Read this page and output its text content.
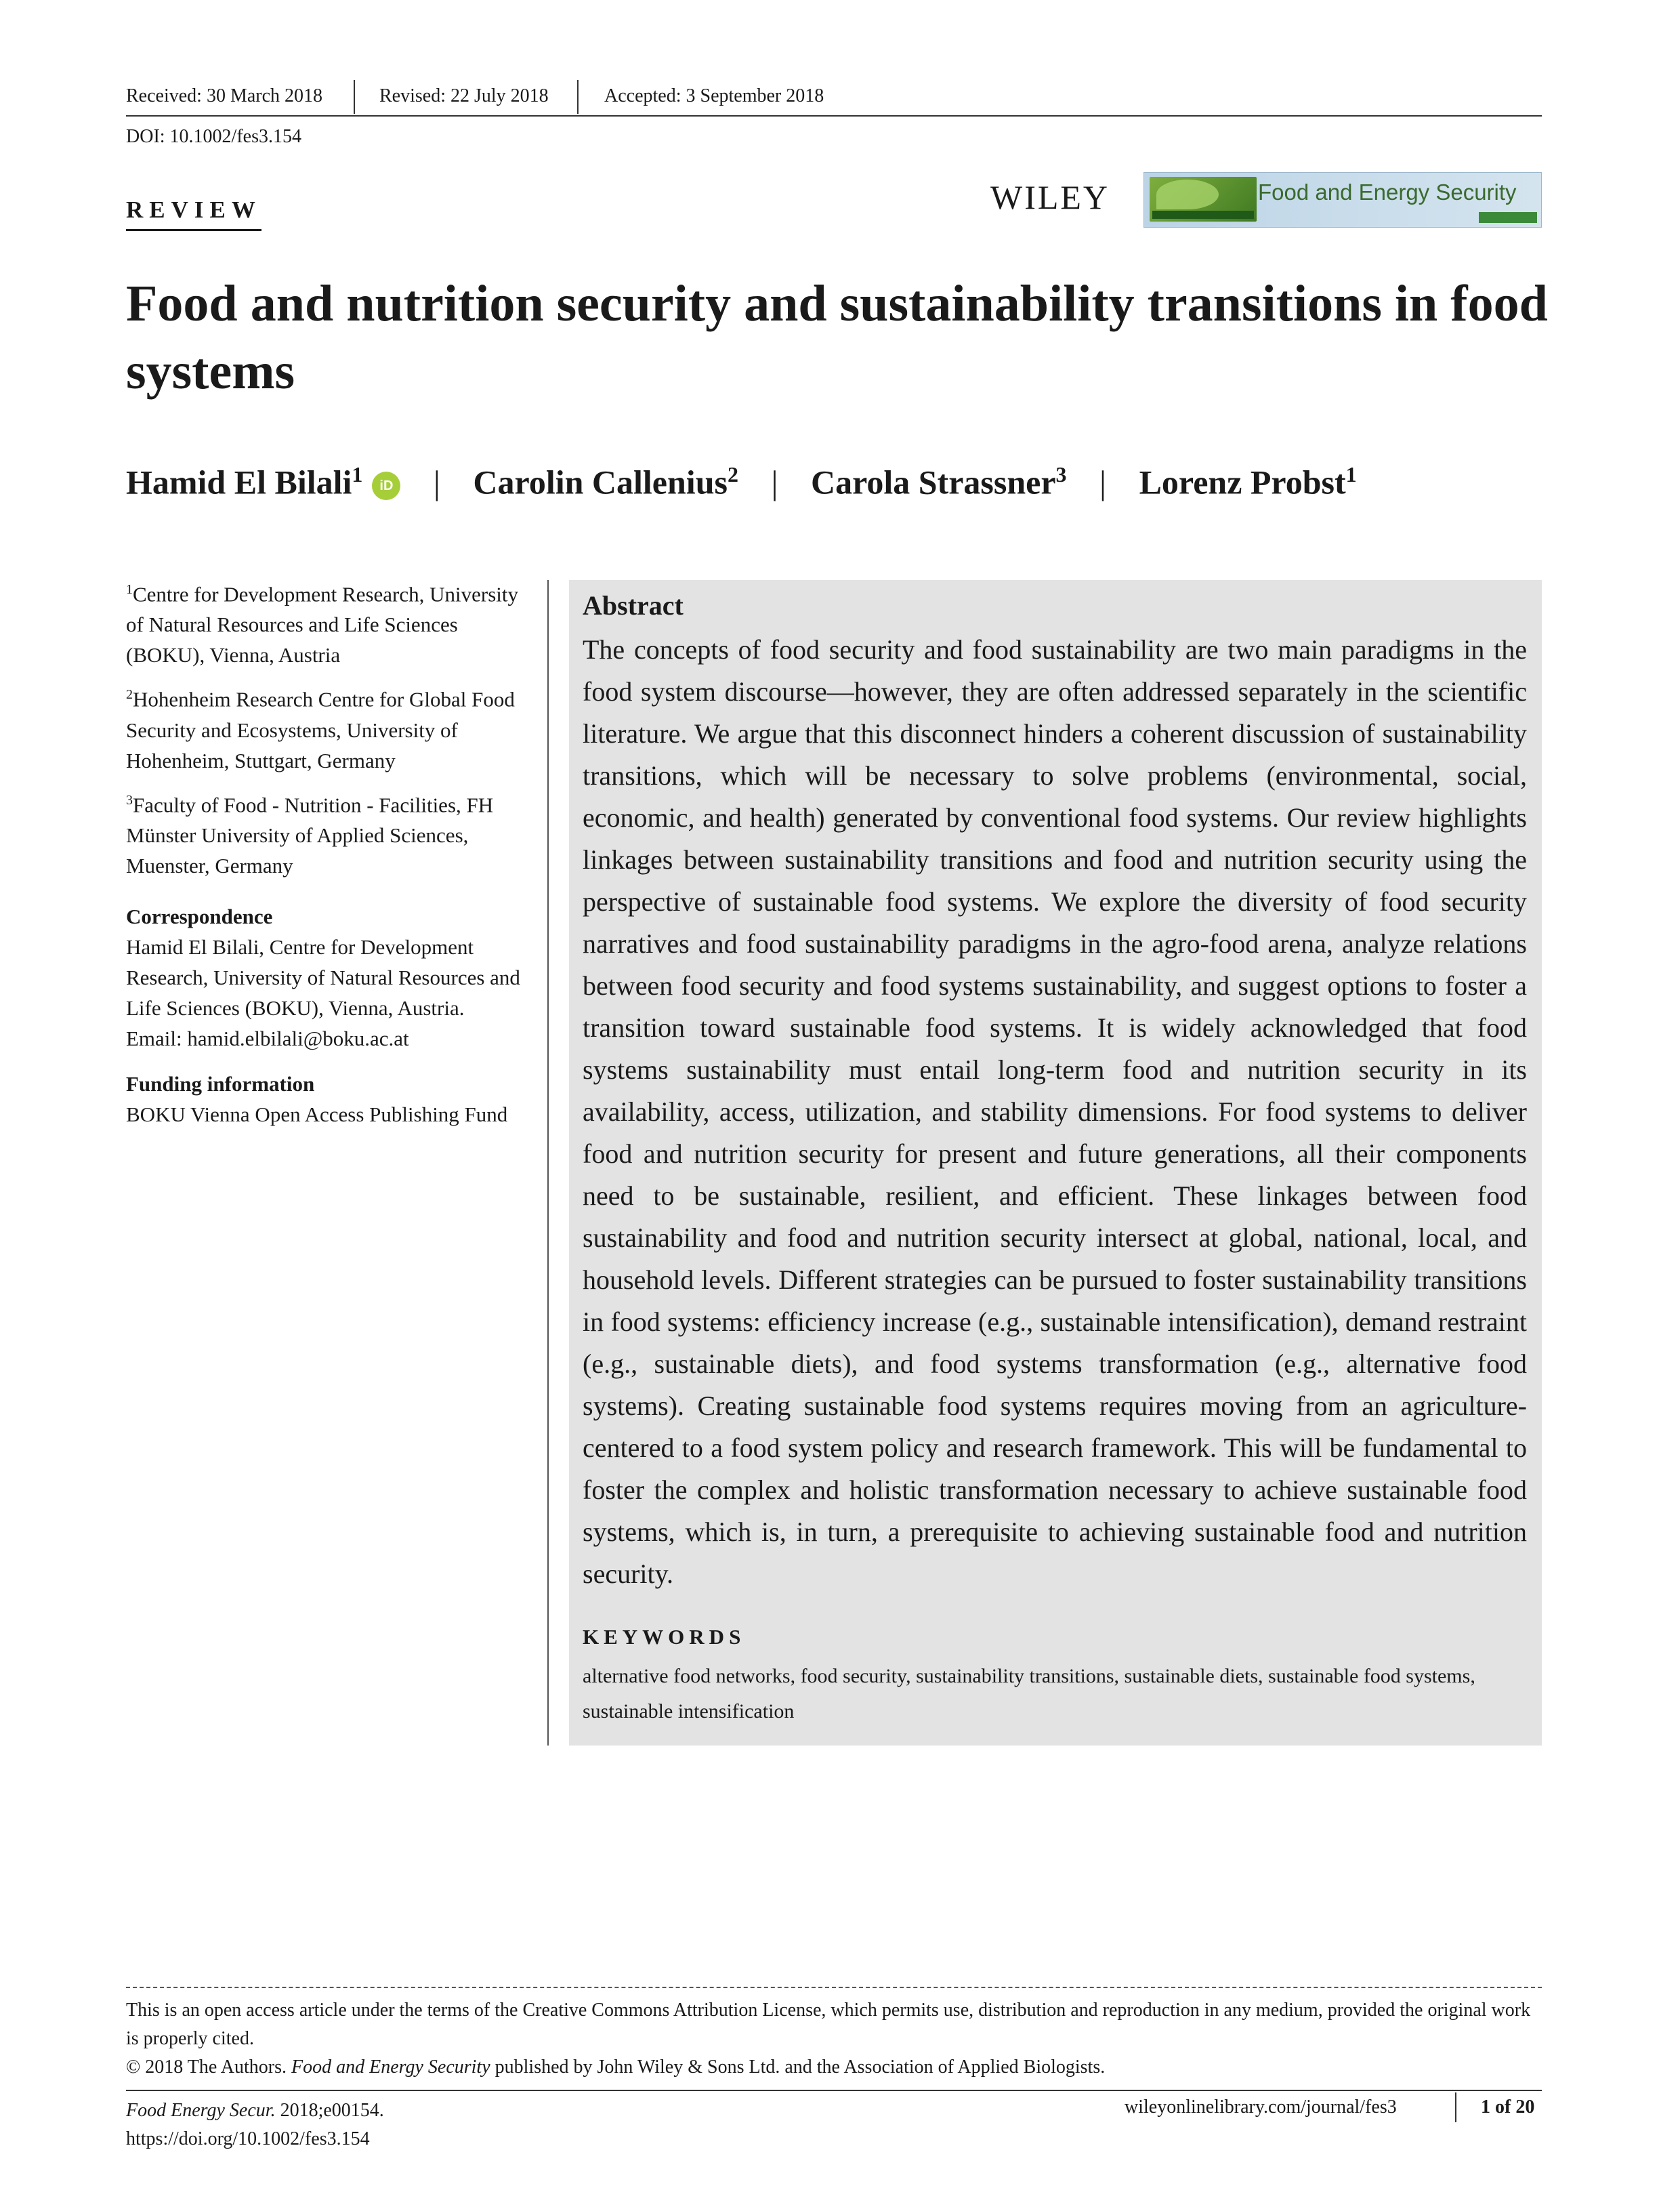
Received: 30 March 2018	Revised: 22 July 2018	Accepted: 3 September 2018
DOI: 10.1002/fes3.154
REVIEW	WILEY	Food and Energy Security
Food and nutrition security and sustainability transitions in food systems
Hamid El Bilali$^1$ iD | Carolin Callenius$^2$ | Carola Strassner$^3$ | Lorenz Probst$^1$
$^1$Centre for Development Research, University of Natural Resources and Life Sciences (BOKU), Vienna, Austria
$^2$Hohenheim Research Centre for Global Food Security and Ecosystems, University of Hohenheim, Stuttgart, Germany
$^3$Faculty of Food - Nutrition - Facilities, FH Münster University of Applied Sciences, Muenster, Germany
Correspondence
Hamid El Bilali, Centre for Development Research, University of Natural Resources and Life Sciences (BOKU), Vienna, Austria.
Email: hamid.elbilali@boku.ac.at
Funding information
BOKU Vienna Open Access Publishing Fund
Abstract
The concepts of food security and food sustainability are two main paradigms in the food system discourse—however, they are often addressed separately in the scientific literature. We argue that this disconnect hinders a coherent discussion of sustainability transitions, which will be necessary to solve problems (environmental, social, economic, and health) generated by conventional food systems. Our review highlights linkages between sustainability transitions and food and nutrition security using the perspective of sustainable food systems. We explore the diversity of food security narratives and food sustainability paradigms in the agro-food arena, analyze relations between food security and food systems sustainability, and suggest options to foster a transition toward sustainable food systems. It is widely acknowledged that food systems sustainability must entail long-term food and nutrition security in its availability, access, utilization, and stability dimensions. For food systems to deliver food and nutrition security for present and future generations, all their components need to be sustainable, resilient, and efficient. These linkages between food sustainability and food and nutrition security intersect at global, national, local, and household levels. Different strategies can be pursued to foster sustainability transitions in food systems: efficiency increase (e.g., sustainable intensification), demand restraint (e.g., sustainable diets), and food systems transformation (e.g., alternative food systems). Creating sustainable food systems requires moving from an agriculture-centered to a food system policy and research framework. This will be fundamental to foster the complex and holistic transformation necessary to achieve sustainable food systems, which is, in turn, a prerequisite to achieving sustainable food and nutrition security.
KEYWORDS
alternative food networks, food security, sustainability transitions, sustainable diets, sustainable food systems, sustainable intensification
This is an open access article under the terms of the Creative Commons Attribution License, which permits use, distribution and reproduction in any medium, provided the original work is properly cited.
© 2018 The Authors. Food and Energy Security published by John Wiley & Sons Ltd. and the Association of Applied Biologists.
Food Energy Secur. 2018;e00154.
https://doi.org/10.1002/fes3.154
wileyonlinelibrary.com/journal/fes3	1 of 20
